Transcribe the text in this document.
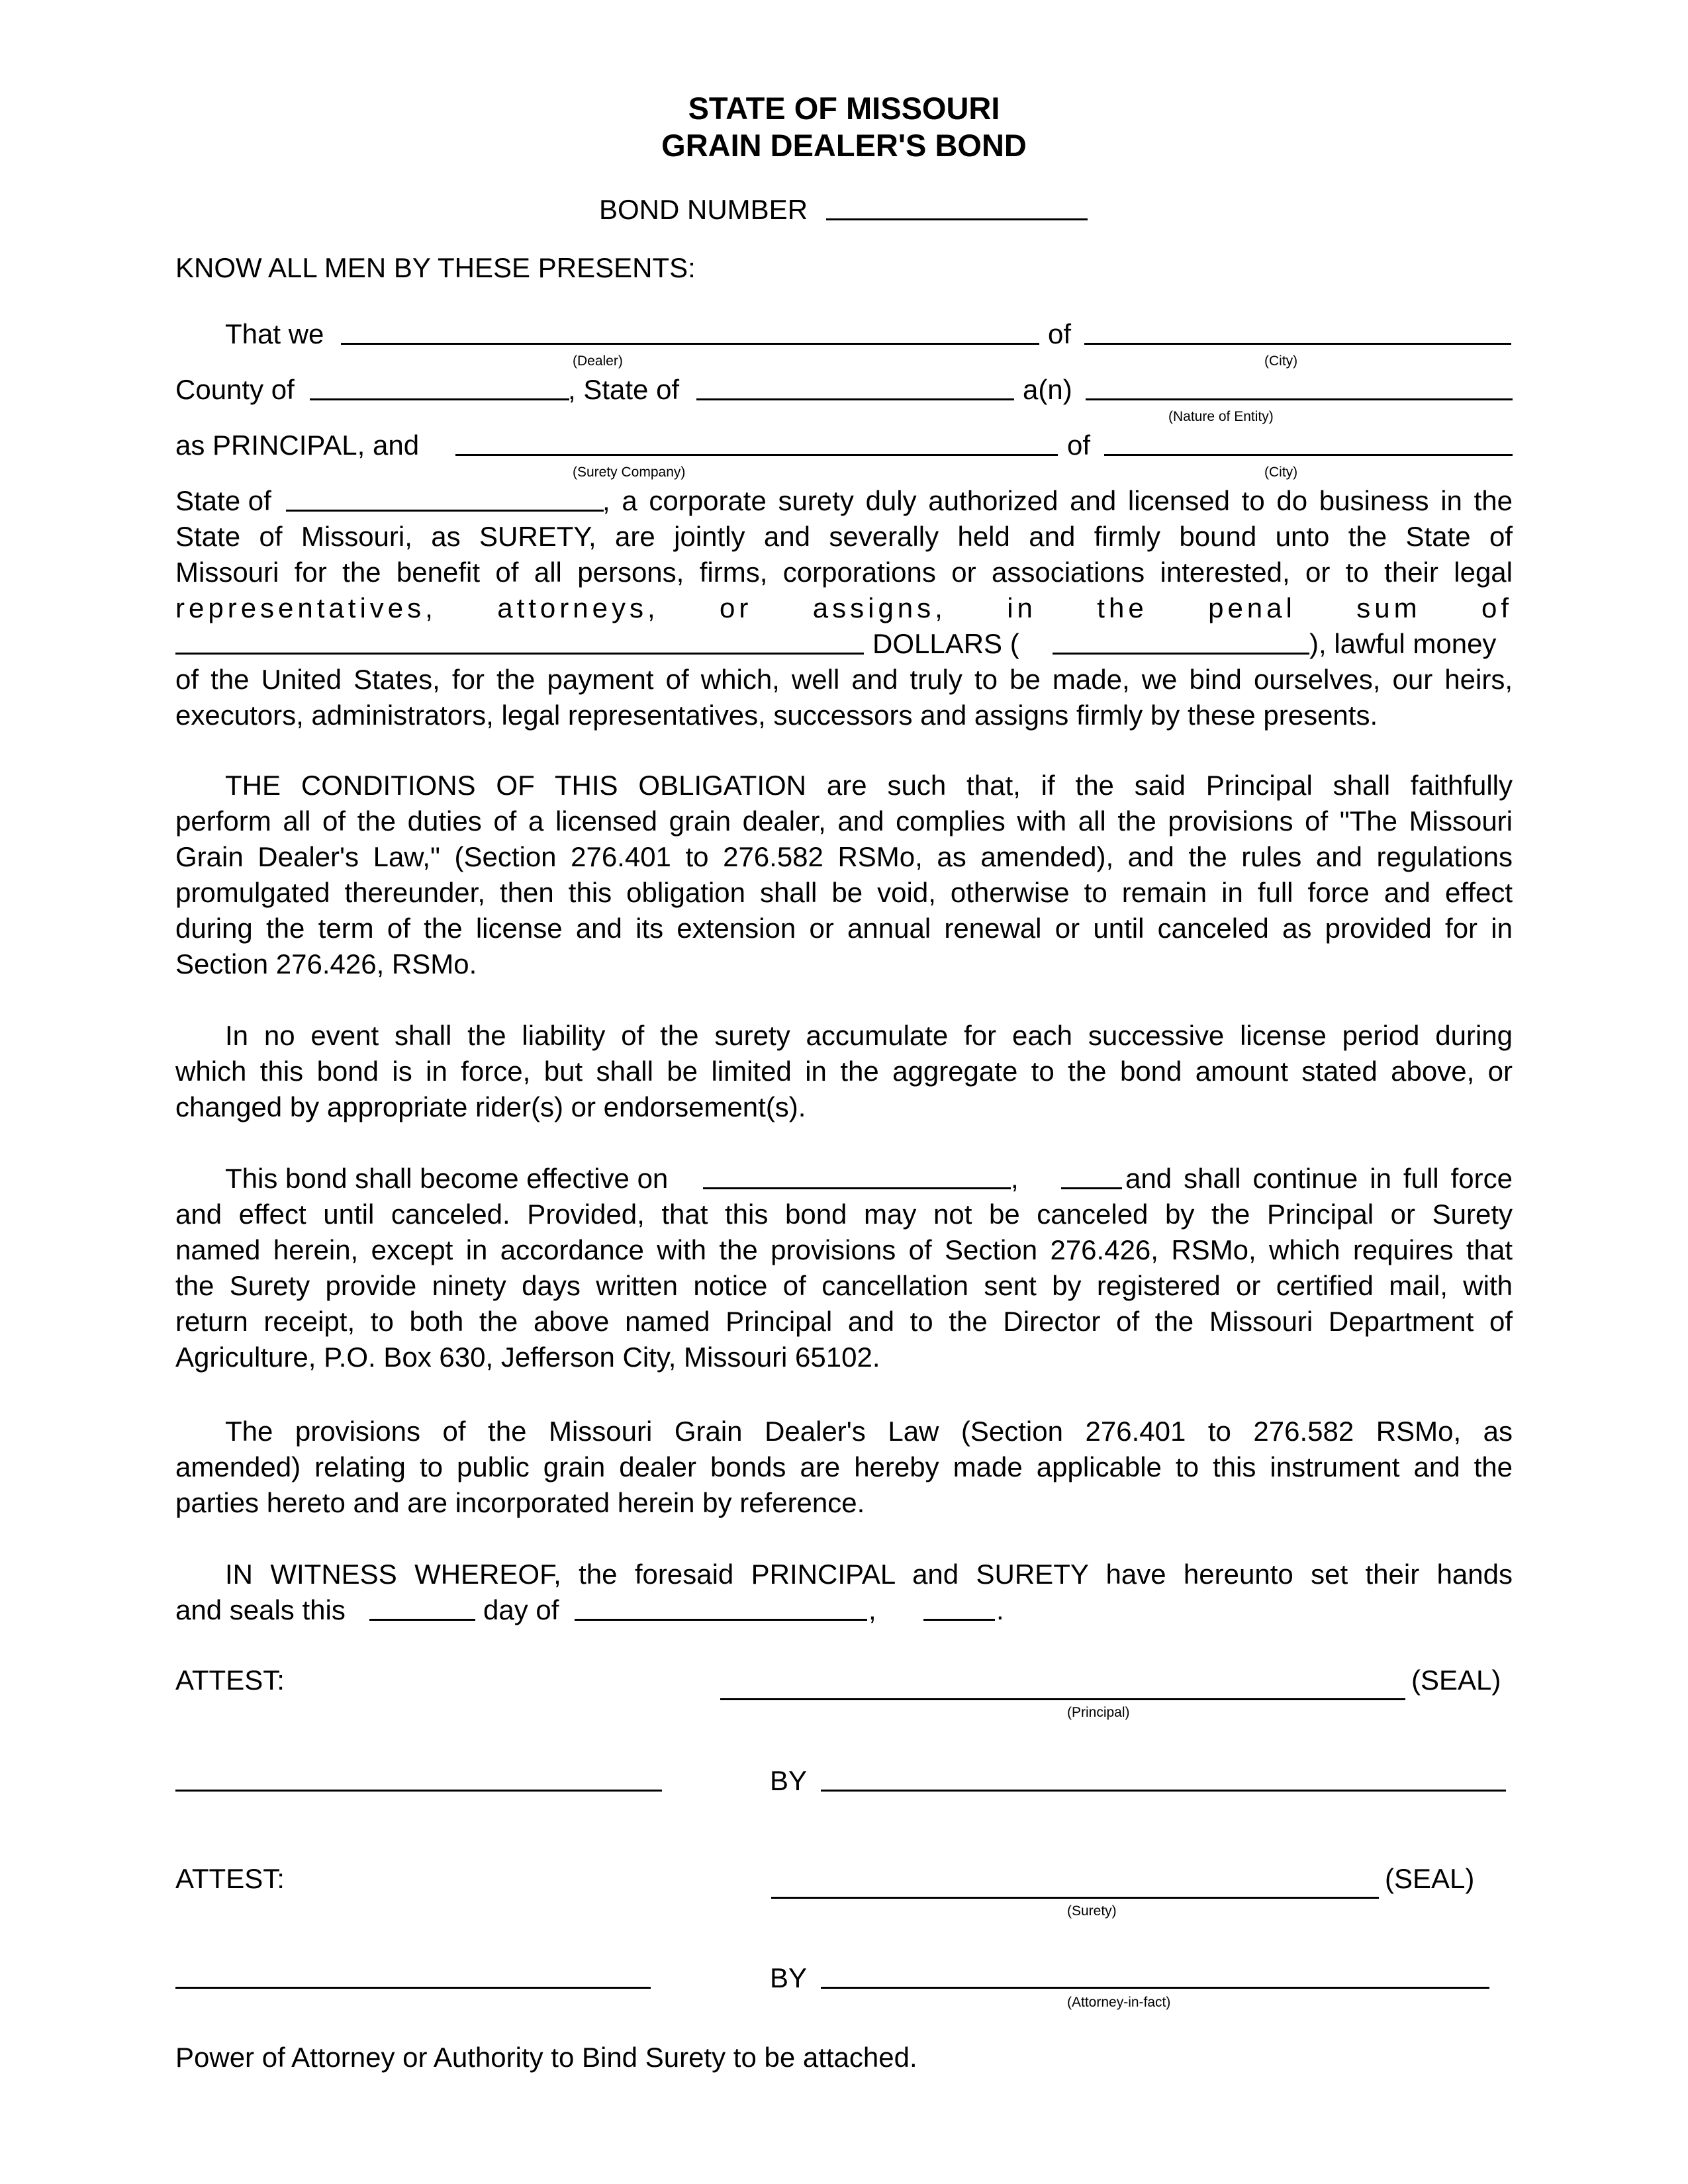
STATE OF MISSOURI
GRAIN DEALER'S BOND
BOND NUMBER
KNOW ALL MEN BY THESE PRESENTS:
That we	of
(Dealer)	(City)
County of	, State of	a(n)
(Nature of Entity)
as PRINCIPAL, and	of
(Surety Company)	(City)
State of	, a corporate surety duly authorized and licensed to do business in the
State of Missouri, as SURETY, are jointly and severally held and firmly bound unto the State of
Missouri for the benefit of all persons, firms, corporations or associations interested, or to their legal
representatives, attorneys, or assigns, in the penal sum of
DOLLARS (	), lawful money
of the United States, for the payment of which, well and truly to be made, we bind ourselves, our heirs,
executors, administrators, legal representatives, successors and assigns firmly by these presents.
THE CONDITIONS OF THIS OBLIGATION are such that, if the said Principal shall faithfully
perform all of the duties of a licensed grain dealer, and complies with all the provisions of "The Missouri
Grain Dealer's Law," (Section 276.401 to 276.582 RSMo, as amended), and the rules and regulations
promulgated thereunder, then this obligation shall be void, otherwise to remain in full force and effect
during the term of the license and its extension or annual renewal or until canceled as provided for in
Section 276.426, RSMo.
In no event shall the liability of the surety accumulate for each successive license period during
which this bond is in force, but shall be limited in the aggregate to the bond amount stated above, or
changed by appropriate rider(s) or endorsement(s).
This bond shall become effective on	,	and shall continue in full force
and effect until canceled. Provided, that this bond may not be canceled by the Principal or Surety
named herein, except in accordance with the provisions of Section 276.426, RSMo, which requires that
the Surety provide ninety days written notice of cancellation sent by registered or certified mail, with
return receipt, to both the above named Principal and to the Director of the Missouri Department of
Agriculture, P.O. Box 630, Jefferson City, Missouri 65102.
The provisions of the Missouri Grain Dealer's Law (Section 276.401 to 276.582 RSMo, as
amended) relating to public grain dealer bonds are hereby made applicable to this instrument and the
parties hereto and are incorporated herein by reference.
IN WITNESS WHEREOF, the foresaid PRINCIPAL and SURETY have hereunto set their hands
and seals this	day of	,	.
ATTEST:	(SEAL)
(Principal)
BY
ATTEST:	(SEAL)
(Surety)
BY
(Attorney-in-fact)
Power of Attorney or Authority to Bind Surety to be attached.
